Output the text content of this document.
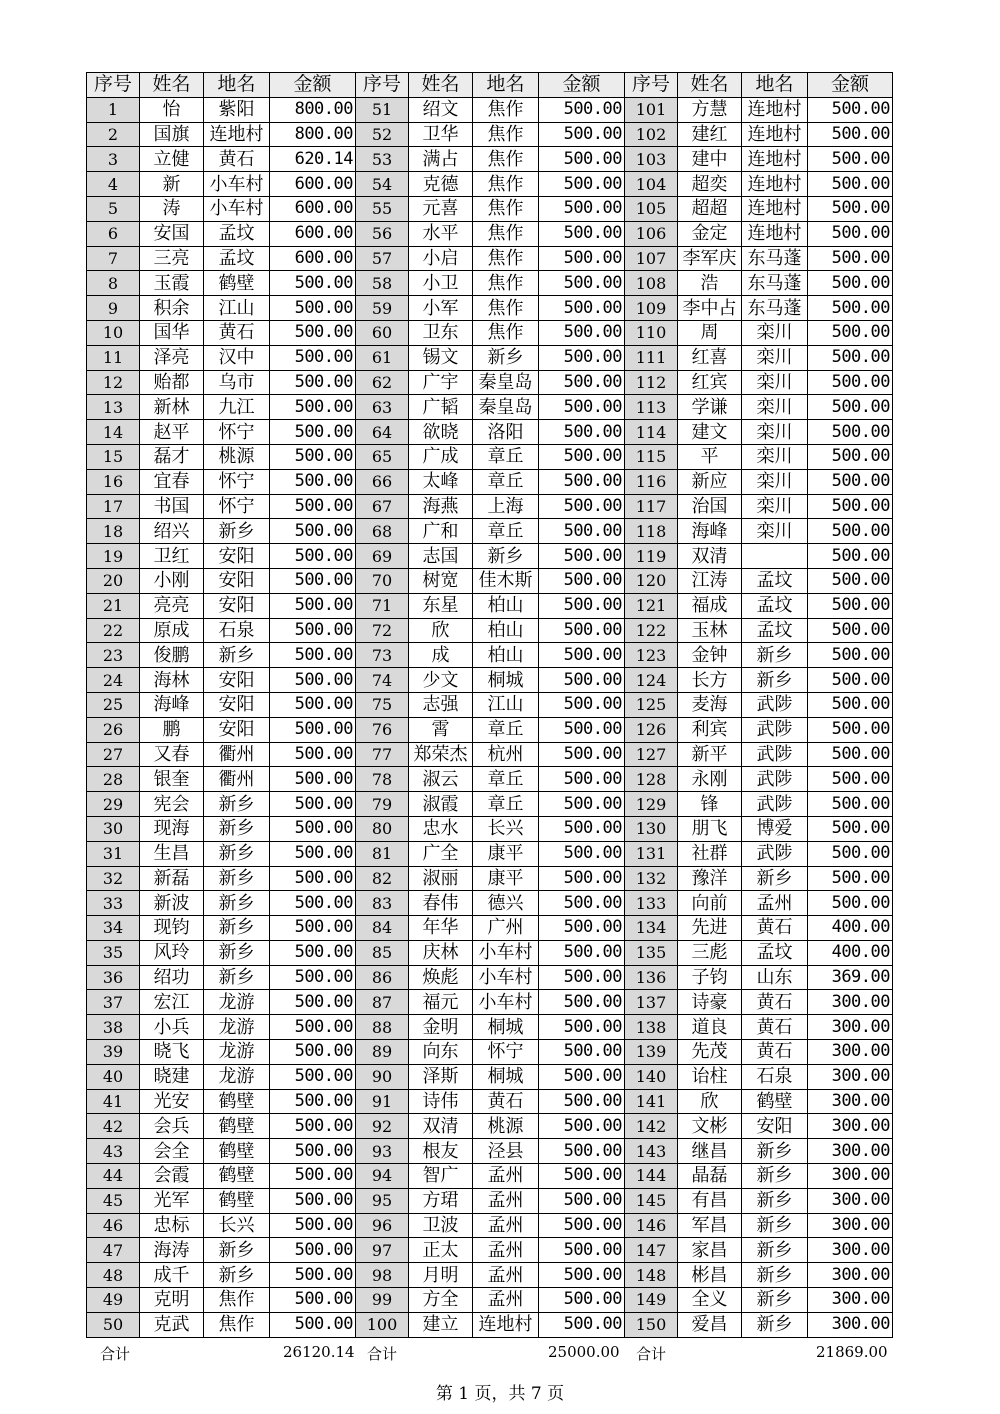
序号	姓名	地名	金额	序号	姓名	地名	金额	序号	姓名	地名	金额
1	怡	紫阳	800.00	51	绍文	焦作	500.00	101	方慧	连地村	500.00
2	国旗	连地村	800.00	52	卫华	焦作	500.00	102	建红	连地村	500.00
3	立健	黄石	620.14	53	满占	焦作	500.00	103	建中	连地村	500.00
4	新	小车村	600.00	54	克德	焦作	500.00	104	超奕	连地村	500.00
5	涛	小车村	600.00	55	元喜	焦作	500.00	105	超超	连地村	500.00
6	安国	孟坟	600.00	56	水平	焦作	500.00	106	金定	连地村	500.00
7	三亮	孟坟	600.00	57	小启	焦作	500.00	107	李军庆	东马蓬	500.00
8	玉霞	鹤壁	500.00	58	小卫	焦作	500.00	108	浩	东马蓬	500.00
9	积余	江山	500.00	59	小军	焦作	500.00	109	李中占	东马蓬	500.00
10	国华	黄石	500.00	60	卫东	焦作	500.00	110	周	栾川	500.00
11	泽亮	汉中	500.00	61	锡文	新乡	500.00	111	红喜	栾川	500.00
12	贻都	乌市	500.00	62	广宇	秦皇岛	500.00	112	红宾	栾川	500.00
13	新林	九江	500.00	63	广韬	秦皇岛	500.00	113	学谦	栾川	500.00
14	赵平	怀宁	500.00	64	欲晓	洛阳	500.00	114	建文	栾川	500.00
15	磊才	桃源	500.00	65	广成	章丘	500.00	115	平	栾川	500.00
16	宜春	怀宁	500.00	66	太峰	章丘	500.00	116	新应	栾川	500.00
17	书国	怀宁	500.00	67	海燕	上海	500.00	117	治国	栾川	500.00
18	绍兴	新乡	500.00	68	广和	章丘	500.00	118	海峰	栾川	500.00
19	卫红	安阳	500.00	69	志国	新乡	500.00	119	双清		500.00
20	小刚	安阳	500.00	70	树宽	佳木斯	500.00	120	江涛	孟坟	500.00
21	亮亮	安阳	500.00	71	东星	柏山	500.00	121	福成	孟坟	500.00
22	原成	石泉	500.00	72	欣	柏山	500.00	122	玉林	孟坟	500.00
23	俊鹏	新乡	500.00	73	成	柏山	500.00	123	金钟	新乡	500.00
24	海林	安阳	500.00	74	少文	桐城	500.00	124	长方	新乡	500.00
25	海峰	安阳	500.00	75	志强	江山	500.00	125	麦海	武陟	500.00
26	鹏	安阳	500.00	76	霄	章丘	500.00	126	利宾	武陟	500.00
27	又春	衢州	500.00	77	郑荣杰	杭州	500.00	127	新平	武陟	500.00
28	银奎	衢州	500.00	78	淑云	章丘	500.00	128	永刚	武陟	500.00
29	宪会	新乡	500.00	79	淑霞	章丘	500.00	129	锋	武陟	500.00
30	现海	新乡	500.00	80	忠水	长兴	500.00	130	朋飞	博爱	500.00
31	生昌	新乡	500.00	81	广全	康平	500.00	131	社群	武陟	500.00
32	新磊	新乡	500.00	82	淑丽	康平	500.00	132	豫洋	新乡	500.00
33	新波	新乡	500.00	83	春伟	德兴	500.00	133	向前	孟州	500.00
34	现钧	新乡	500.00	84	年华	广州	500.00	134	先进	黄石	400.00
35	风玲	新乡	500.00	85	庆林	小车村	500.00	135	三彪	孟坟	400.00
36	绍功	新乡	500.00	86	焕彪	小车村	500.00	136	子钧	山东	369.00
37	宏江	龙游	500.00	87	福元	小车村	500.00	137	诗豪	黄石	300.00
38	小兵	龙游	500.00	88	金明	桐城	500.00	138	道良	黄石	300.00
39	晓飞	龙游	500.00	89	向东	怀宁	500.00	139	先茂	黄石	300.00
40	晓建	龙游	500.00	90	泽斯	桐城	500.00	140	诒柱	石泉	300.00
41	光安	鹤壁	500.00	91	诗伟	黄石	500.00	141	欣	鹤壁	300.00
42	会兵	鹤壁	500.00	92	双清	桃源	500.00	142	文彬	安阳	300.00
43	会全	鹤壁	500.00	93	根友	泾县	500.00	143	继昌	新乡	300.00
44	会霞	鹤壁	500.00	94	智广	孟州	500.00	144	晶磊	新乡	300.00
45	光军	鹤壁	500.00	95	方珺	孟州	500.00	145	有昌	新乡	300.00
46	忠标	长兴	500.00	96	卫波	孟州	500.00	146	军昌	新乡	300.00
47	海涛	新乡	500.00	97	正太	孟州	500.00	147	家昌	新乡	300.00
48	成千	新乡	500.00	98	月明	孟州	500.00	148	彬昌	新乡	300.00
49	克明	焦作	500.00	99	方全	孟州	500.00	149	全义	新乡	300.00
50	克武	焦作	500.00	100	建立	连地村	500.00	150	爱昌	新乡	300.00
合计	26120.14 合计	25000.00 合计	21869.00
第 1 页，共 7 页
